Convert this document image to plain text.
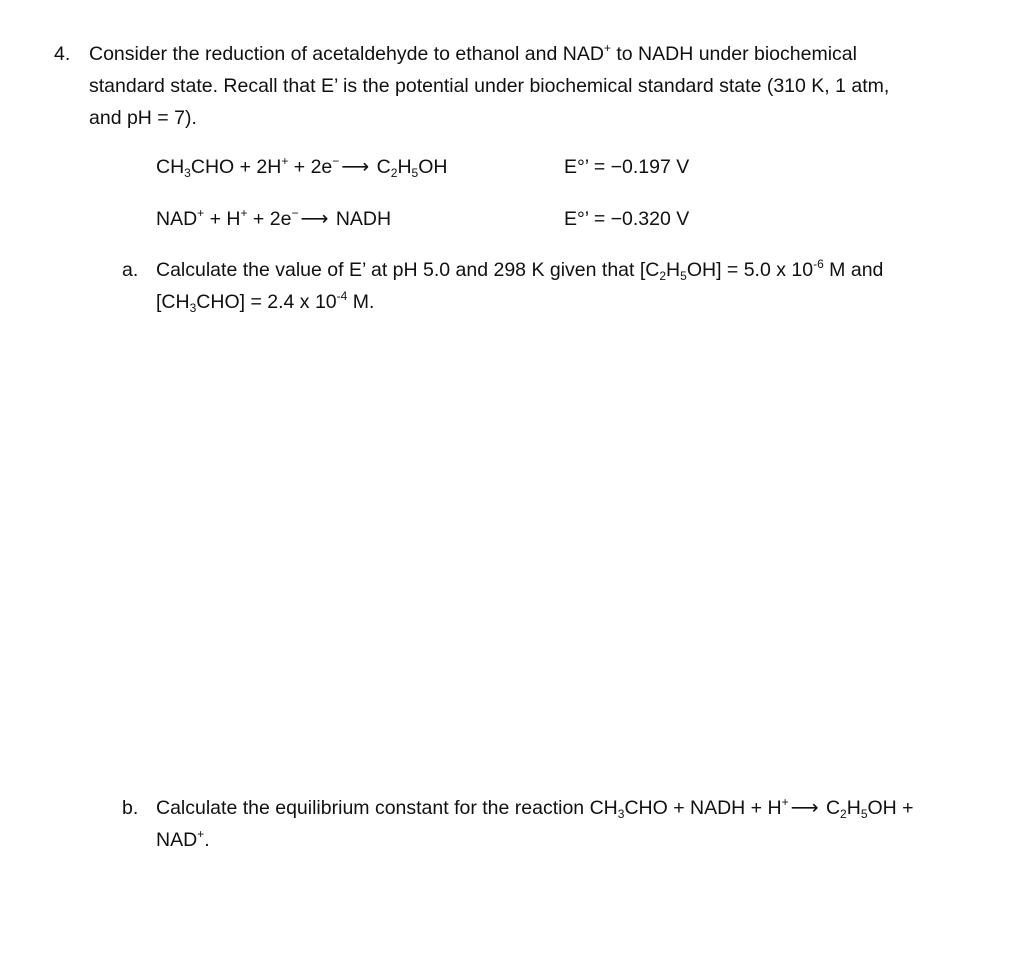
4. Consider the reduction of acetaldehyde to ethanol and NAD+ to NADH under biochemical
standard state. Recall that E’ is the potential under biochemical standard state (310 K, 1 atm,
and pH = 7).
$CH_3CHO + 2H^+ + 2e^-$ ⟶ $C_2H_5OH$	E°’ = −0.197 V
NAD+ + H+ + 2e− ⟶ NADH	E°’ = −0.320 V
a. Calculate the value of E’ at pH 5.0 and 298 K given that $[C_2H_5OH] = 5.0$ x $10^{-6}$ M and
$[CH_3CHO] = 2.4$ x $10^{-4}$ M.
b. Calculate the equilibrium constant for the reaction $CH_3CHO$ + NADH + H+ ⟶ $C_2H_5OH$ +
NAD+.
